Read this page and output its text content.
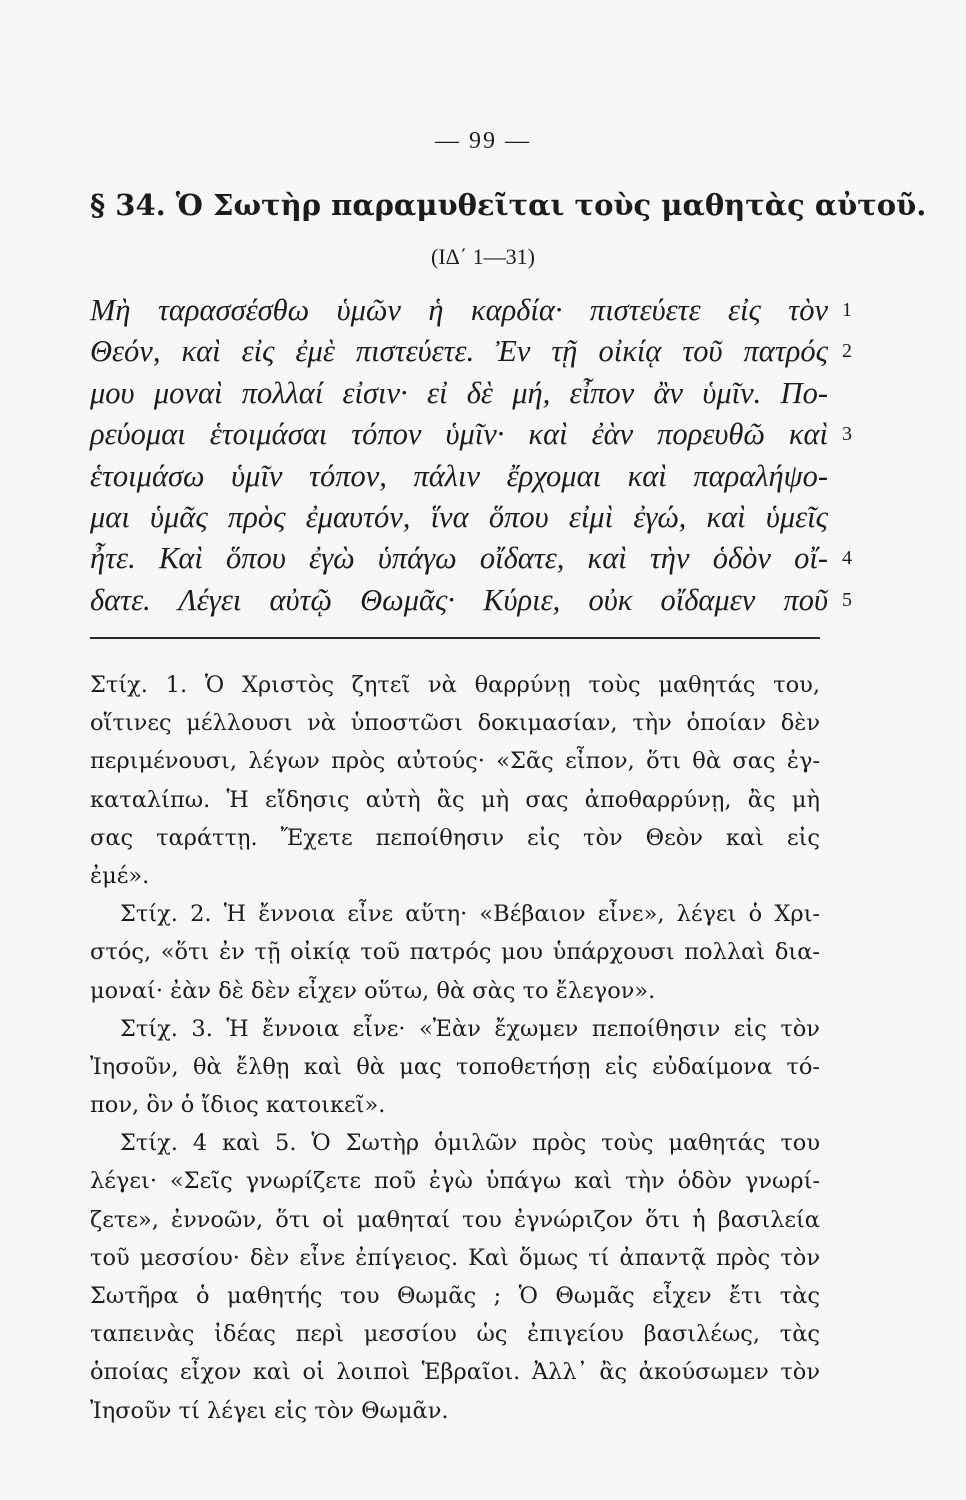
— 99 —
§ 34. Ὁ Σωτὴρ παραμυθεῖται τοὺς μαθητὰς αὐτοῦ.
(ΙΔ΄ 1—31)
Μὴ ταρασσέσθω ὑμῶν ἡ καρδία· πιστεύετε εἰς τὸν 1
Θεόν, καὶ εἰς ἐμὲ πιστεύετε. Ἐν τῇ οἰκίᾳ τοῦ πατρός 2
μου μοναὶ πολλαί εἰσιν· εἰ δὲ μή, εἶπον ἂν ὑμῖν. Πο-
ρεύομαι ἑτοιμάσαι τόπον ὑμῖν· καὶ ἐὰν πορευθῶ καὶ 3
ἑτοιμάσω ὑμῖν τόπον, πάλιν ἔρχομαι καὶ παραλήψο-
μαι ὑμᾶς πρὸς ἐμαυτόν, ἵνα ὅπου εἰμὶ ἐγώ, καὶ ὑμεῖς
ἦτε. Καὶ ὅπου ἐγὼ ὑπάγω οἴδατε, καὶ τὴν ὁδὸν οἴ- 4
δατε. Λέγει αὐτῷ Θωμᾶς· Κύριε, οὐκ οἴδαμεν ποῦ 5
Στίχ. 1. Ὁ Χριστὸς ζητεῖ νὰ θαρρύνῃ τοὺς μαθητάς του,
οἵτινες μέλλουσι νὰ ὑποστῶσι δοκιμασίαν, τὴν ὁποίαν δὲν
περιμένουσι, λέγων πρὸς αὐτούς· «Σᾶς εἶπον, ὅτι θὰ σας ἐγ-
καταλίπω. Ἡ εἴδησις αὐτὴ ἂς μὴ σας ἀποθαρρύνῃ, ἂς μὴ
σας ταράττῃ. Ἔχετε πεποίθησιν εἰς τὸν Θεὸν καὶ εἰς
ἐμέ».
Στίχ. 2. Ἡ ἔννοια εἶνε αὕτη· «Βέβαιον εἶνε», λέγει ὁ Χρι-
στός, «ὅτι ἐν τῇ οἰκίᾳ τοῦ πατρός μου ὑπάρχουσι πολλαὶ δια-
μοναί· ἐὰν δὲ δὲν εἶχεν οὕτω, θὰ σὰς το ἔλεγον».
Στίχ. 3. Ἡ ἔννοια εἶνε· «Ἐὰν ἔχωμεν πεποίθησιν εἰς τὸν
Ἰησοῦν, θὰ ἔλθῃ καὶ θὰ μας τοποθετήσῃ εἰς εὐδαίμονα τό-
πον, ὃν ὁ ἴδιος κατοικεῖ».
Στίχ. 4 καὶ 5. Ὁ Σωτὴρ ὁμιλῶν πρὸς τοὺς μαθητάς του
λέγει· «Σεῖς γνωρίζετε ποῦ ἐγὼ ὑπάγω καὶ τὴν ὁδὸν γνωρί-
ζετε», ἐννοῶν, ὅτι οἱ μαθηταί του ἐγνώριζον ὅτι ἡ βασιλεία
τοῦ μεσσίου· δὲν εἶνε ἐπίγειος. Καὶ ὅμως τί ἀπαντᾷ πρὸς τὸν
Σωτῆρα ὁ μαθητής του Θωμᾶς ; Ὁ Θωμᾶς εἶχεν ἔτι τὰς
ταπεινὰς ἰδέας περὶ μεσσίου ὡς ἐπιγείου βασιλέως, τὰς
ὁποίας εἶχον καὶ οἱ λοιποὶ Ἑβραῖοι. Ἀλλ᾽ ἂς ἀκούσωμεν τὸν
Ἰησοῦν τί λέγει εἰς τὸν Θωμᾶν.
